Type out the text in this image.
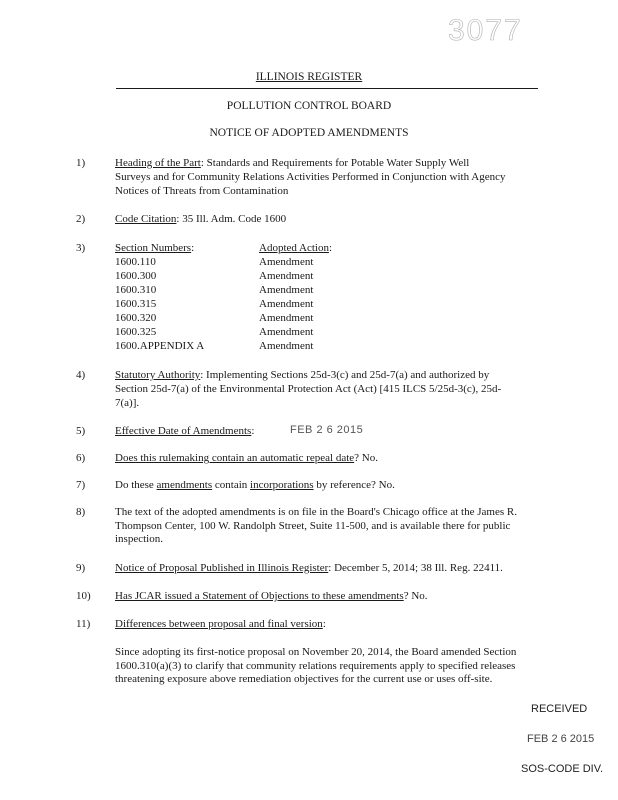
3077
ILLINOIS REGISTER
POLLUTION CONTROL BOARD
NOTICE OF ADOPTED AMENDMENTS
1)	Heading of the Part: Standards and Requirements for Potable Water Supply Well
Surveys and for Community Relations Activities Performed in Conjunction with Agency
Notices of Threats from Contamination
2)	Code Citation: 35 Ill. Adm. Code 1600
3)	Section Numbers:	Adopted Action:
1600.110	Amendment
1600.300	Amendment
1600.310	Amendment
1600.315	Amendment
1600.320	Amendment
1600.325	Amendment
1600.APPENDIX A	Amendment
4)	Statutory Authority: Implementing Sections 25d-3(c) and 25d-7(a) and authorized by
Section 25d-7(a) of the Environmental Protection Act (Act) [415 ILCS 5/25d-3(c), 25d-
7(a)].
5)	Effective Date of Amendments:	FEB 2 6 2015
6)	Does this rulemaking contain an automatic repeal date? No.
7)	Do these amendments contain incorporations by reference? No.
8)	The text of the adopted amendments is on file in the Board's Chicago office at the James R. Thompson Center, 100 W. Randolph Street, Suite 11-500, and is available there for public inspection.
9)	Notice of Proposal Published in Illinois Register: December 5, 2014; 38 Ill. Reg. 22411.
10) Has JCAR issued a Statement of Objections to these amendments? No.
11) Differences between proposal and final version:
Since adopting its first-notice proposal on November 20, 2014, the Board amended Section 1600.310(a)(3) to clarify that community relations requirements apply to specified releases threatening exposure above remediation objectives for the current use or uses off-site.
RECEIVED
FEB 2 6 2015
SOS-CODE DIV.
